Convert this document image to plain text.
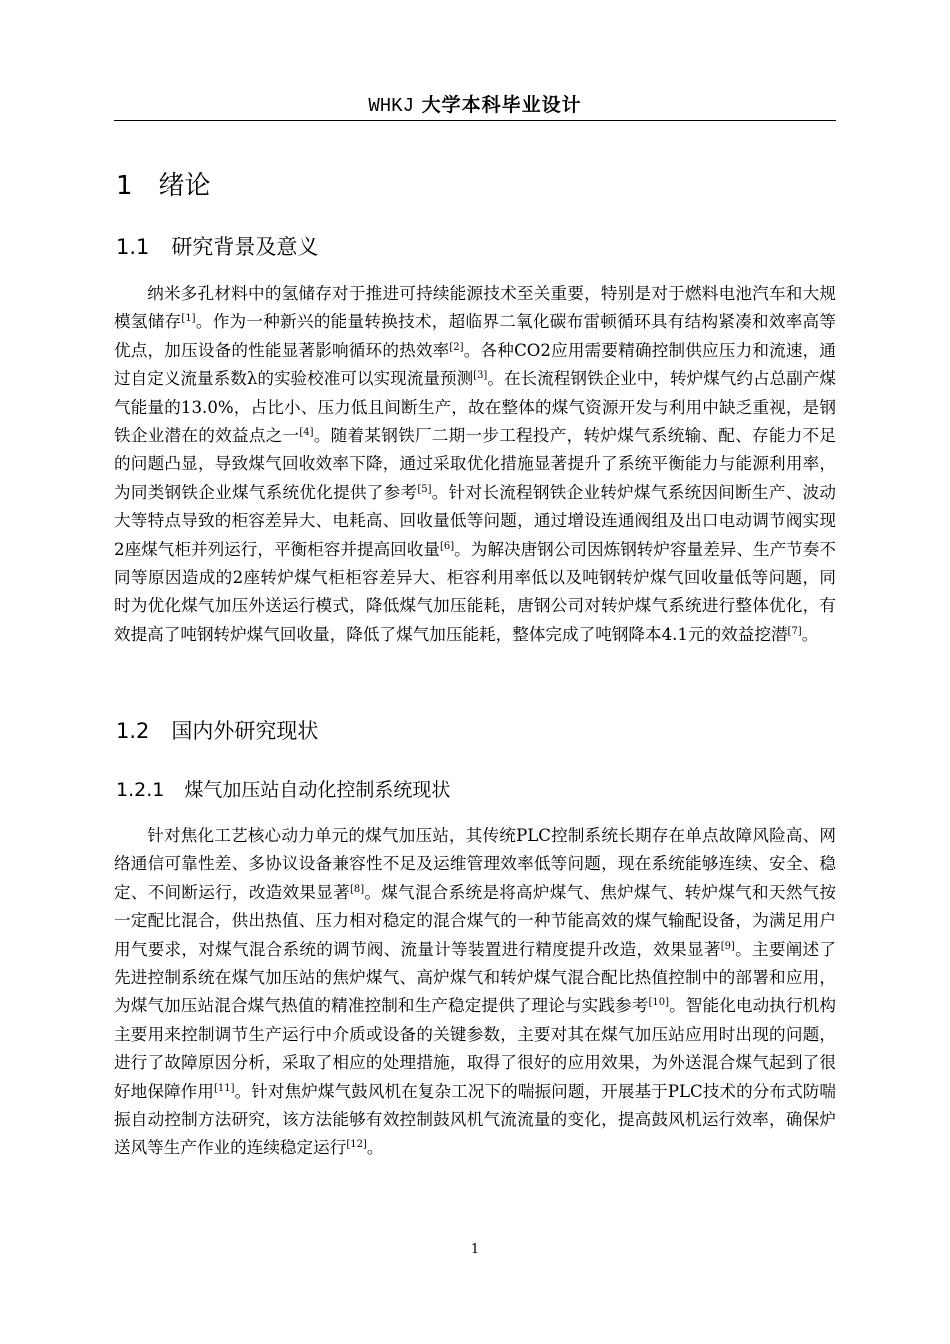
WHKJ 大学本科毕业设计
1 绪论
1.1 研究背景及意义

纳米多孔材料中的氢储存对于推进可持续能源技术至关重要，特别是对于燃料电池汽车和大规模氢储存[1]。作为一种新兴的能量转换技术，超临界二氧化碳布雷顿循环具有结构紧凑和效率高等优点，加压设备的性能显著影响循环的热效率[2]。各种CO2应用需要精确控制供应压力和流速，通过自定义流量系数λ的实验校准可以实现流量预测[3]。在长流程钢铁企业中，转炉煤气约占总副产煤气能量的13.0%，占比小、压力低且间断生产，故在整体的煤气资源开发与利用中缺乏重视，是钢铁企业潜在的效益点之一[4]。随着某钢铁厂二期一步工程投产，转炉煤气系统输、配、存能力不足的问题凸显，导致煤气回收效率下降，通过采取优化措施显著提升了系统平衡能力与能源利用率，为同类钢铁企业煤气系统优化提供了参考[5]。针对长流程钢铁企业转炉煤气系统因间断生产、波动大等特点导致的柜容差异大、电耗高、回收量低等问题，通过增设连通阀组及出口电动调节阀实现2座煤气柜并列运行，平衡柜容并提高回收量[6]。为解决唐钢公司因炼钢转炉容量差异、生产节奏不同等原因造成的2座转炉煤气柜柜容差异大、柜容利用率低以及吨钢转炉煤气回收量低等问题，同时为优化煤气加压外送运行模式，降低煤气加压能耗，唐钢公司对转炉煤气系统进行整体优化，有效提高了吨钢转炉煤气回收量，降低了煤气加压能耗，整体完成了吨钢降本4.1元的效益挖潜[7]。

1.2 国内外研究现状
1.2.1 煤气加压站自动化控制系统现状

针对焦化工艺核心动力单元的煤气加压站，其传统PLC控制系统长期存在单点故障风险高、网络通信可靠性差、多协议设备兼容性不足及运维管理效率低等问题，现在系统能够连续、安全、稳定、不间断运行，改造效果显著[8]。煤气混合系统是将高炉煤气、焦炉煤气、转炉煤气和天然气按一定配比混合，供出热值、压力相对稳定的混合煤气的一种节能高效的煤气输配设备，为满足用户用气要求，对煤气混合系统的调节阀、流量计等装置进行精度提升改造，效果显著[9]。主要阐述了先进控制系统在煤气加压站的焦炉煤气、高炉煤气和转炉煤气混合配比热值控制中的部署和应用，为煤气加压站混合煤气热值的精准控制和生产稳定提供了理论与实践参考[10]。智能化电动执行机构主要用来控制调节生产运行中介质或设备的关键参数，主要对其在煤气加压站应用时出现的问题，进行了故障原因分析，采取了相应的处理措施，取得了很好的应用效果，为外送混合煤气起到了很好地保障作用[11]。针对焦炉煤气鼓风机在复杂工况下的喘振问题，开展基于PLC技术的分布式防喘振自动控制方法研究，该方法能够有效控制鼓风机气流流量的变化，提高鼓风机运行效率，确保炉送风等生产作业的连续稳定运行[12]。

1
